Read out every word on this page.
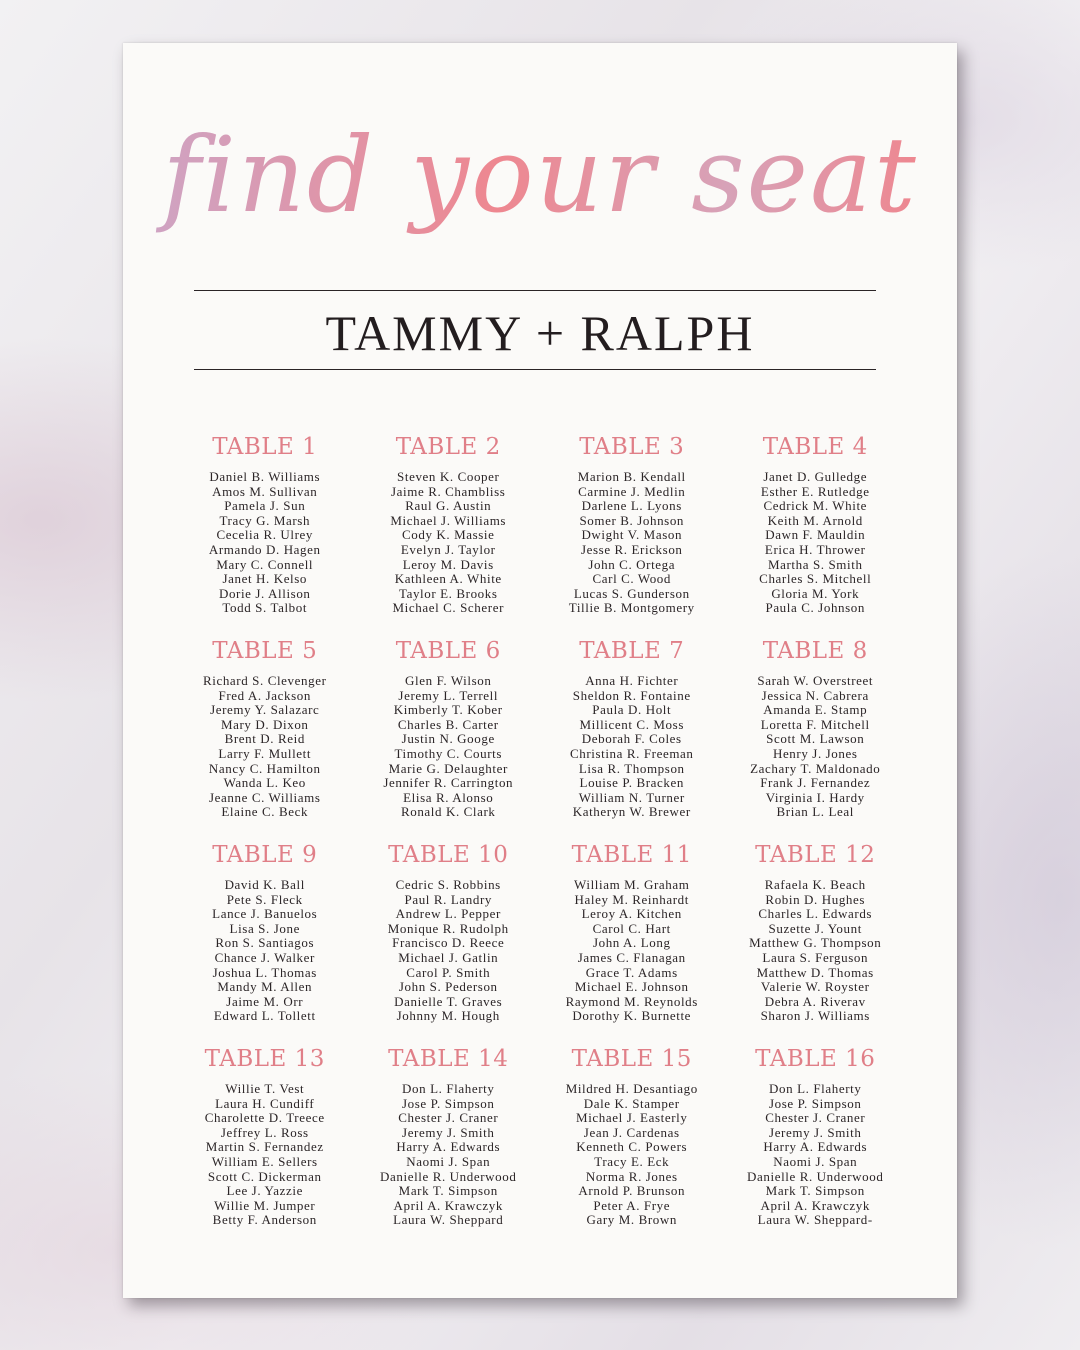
find your seat
TAMMY + RALPH
TABLE 1
Daniel B. Williams
Amos M. Sullivan
Pamela J. Sun
Tracy G. Marsh
Cecelia R. Ulrey
Armando D. Hagen
Mary C. Connell
Janet H. Kelso
Dorie J. Allison
Todd S. Talbot
TABLE 2
Steven K. Cooper
Jaime R. Chambliss
Raul G. Austin
Michael J. Williams
Cody K. Massie
Evelyn J. Taylor
Leroy M. Davis
Kathleen A. White
Taylor E. Brooks
Michael C. Scherer
TABLE 3
Marion B. Kendall
Carmine J. Medlin
Darlene L. Lyons
Somer B. Johnson
Dwight V. Mason
Jesse R. Erickson
John C. Ortega
Carl C. Wood
Lucas S. Gunderson
Tillie B. Montgomery
TABLE 4
Janet D. Gulledge
Esther E. Rutledge
Cedrick M. White
Keith M. Arnold
Dawn F. Mauldin
Erica H. Thrower
Martha S. Smith
Charles S. Mitchell
Gloria M. York
Paula C. Johnson
TABLE 5
Richard S. Clevenger
Fred A. Jackson
Jeremy Y. Salazarc
Mary D. Dixon
Brent D. Reid
Larry F. Mullett
Nancy C. Hamilton
Wanda L. Keo
Jeanne C. Williams
Elaine C. Beck
TABLE 6
Glen F. Wilson
Jeremy L. Terrell
Kimberly T. Kober
Charles B. Carter
Justin N. Googe
Timothy C. Courts
Marie G. Delaughter
Jennifer R. Carrington
Elisa R. Alonso
Ronald K. Clark
TABLE 7
Anna H. Fichter
Sheldon R. Fontaine
Paula D. Holt
Millicent C. Moss
Deborah F. Coles
Christina R. Freeman
Lisa R. Thompson
Louise P. Bracken
William N. Turner
Katheryn W. Brewer
TABLE 8
Sarah W. Overstreet
Jessica N. Cabrera
Amanda E. Stamp
Loretta F. Mitchell
Scott M. Lawson
Henry J. Jones
Zachary T. Maldonado
Frank J. Fernandez
Virginia I. Hardy
Brian L. Leal
TABLE 9
David K. Ball
Pete S. Fleck
Lance J. Banuelos
Lisa S. Jone
Ron S. Santiagos
Chance J. Walker
Joshua L. Thomas
Mandy M. Allen
Jaime M. Orr
Edward L. Tollett
TABLE 10
Cedric S. Robbins
Paul R. Landry
Andrew L. Pepper
Monique R. Rudolph
Francisco D. Reece
Michael J. Gatlin
Carol P. Smith
John S. Pederson
Danielle T. Graves
Johnny M. Hough
TABLE 11
William M. Graham
Haley M. Reinhardt
Leroy A. Kitchen
Carol C. Hart
John A. Long
James C. Flanagan
Grace T. Adams
Michael E. Johnson
Raymond M. Reynolds
Dorothy K. Burnette
TABLE 12
Rafaela K. Beach
Robin D. Hughes
Charles L. Edwards
Suzette J. Yount
Matthew G. Thompson
Laura S. Ferguson
Matthew D. Thomas
Valerie W. Royster
Debra A. Riverav
Sharon J. Williams
TABLE 13
Willie T. Vest
Laura H. Cundiff
Charolette D. Treece
Jeffrey L. Ross
Martin S. Fernandez
William E. Sellers
Scott C. Dickerman
Lee J. Yazzie
Willie M. Jumper
Betty F. Anderson
TABLE 14
Don L. Flaherty
Jose P. Simpson
Chester J. Craner
Jeremy J. Smith
Harry A. Edwards
Naomi J. Span
Danielle R. Underwood
Mark T. Simpson
April A. Krawczyk
Laura W. Sheppard
TABLE 15
Mildred H. Desantiago
Dale K. Stamper
Michael J. Easterly
Jean J. Cardenas
Kenneth C. Powers
Tracy E. Eck
Norma R. Jones
Arnold P. Brunson
Peter A. Frye
Gary M. Brown
TABLE 16
Don L. Flaherty
Jose P. Simpson
Chester J. Craner
Jeremy J. Smith
Harry A. Edwards
Naomi J. Span
Danielle R. Underwood
Mark T. Simpson
April A. Krawczyk
Laura W. Sheppard-
